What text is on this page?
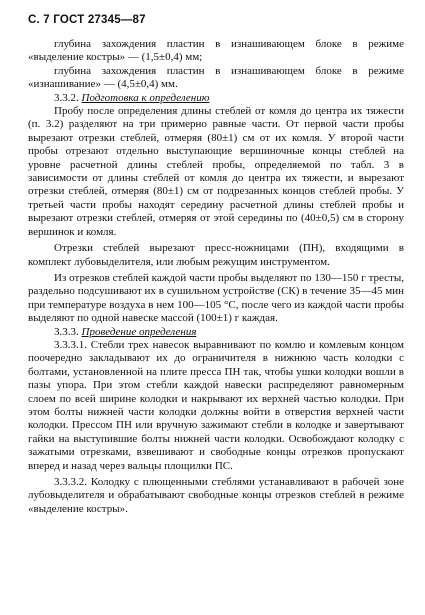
С. 7 ГОСТ 27345—87

глубина захождения пластин в изнашивающем блоке в режиме «выделение костры» — (1,5±0,4) мм;

глубина захождения пластин в изнашивающем блоке в режиме «изнашивание» — (4,5±0,4) мм.

3.3.2. Подготовка к определению

Пробу после определения длины стеблей от комля до центра их тяжести (п. 3.2) разделяют на три примерно равные части. От первой части пробы вырезают отрезки стеблей, отмеряя (80±1) см от их комля. У второй части пробы отрезают отдельно выступающие вершиночные концы стеблей на уровне расчетной длины стеблей пробы, определяемой по табл. 3 в зависимости от длины стеблей от комля до центра их тяжести, и вырезают отрезки стеблей, отмеряя (80±1) см от подрезанных концов стеблей пробы. У третьей части пробы находят середину расчетной длины стеблей пробы и вырезают отрезки стеблей, отмеряя от этой середины по (40±0,5) см в сторону вершинок и комля.

Отрезки стеблей вырезают пресс-ножницами (ПН), входящими в комплект лубовыделителя, или любым режущим инструментом.

Из отрезков стеблей каждой части пробы выделяют по 130—150 г тресты, раздельно подсушивают их в сушильном устройстве (СК) в течение 35—45 мин при температуре воздуха в нем 100—105 °С, после чего из каждой части пробы выделяют по одной навеске массой (100±1) г каждая.

3.3.3. Проведение определения

3.3.3.1. Стебли трех навесок выравнивают по комлю и комлевым концом поочередно закладывают их до ограничителя в нижнюю часть колодки с болтами, установленной на плите пресса ПН так, чтобы ушки колодки вошли в пазы упора. При этом стебли каждой навески распределяют равномерным слоем по всей ширине колодки и накрывают их верхней частью колодки. При этом болты нижней части колодки должны войти в отверстия верхней части колодки. Прессом ПН или вручную зажимают стебли в колодке и завертывают гайки на выступившие болты нижней части колодки. Освобождают колодку с зажатыми отрезками, взвешивают и свободные концы отрезков пропускают вперед и назад через вальцы площилки ПС.

3.3.3.2. Колодку с плющенными стеблями устанавливают в рабочей зоне лубовыделителя и обрабатывают свободные концы отрезков стеблей в режиме «выделение костры».
